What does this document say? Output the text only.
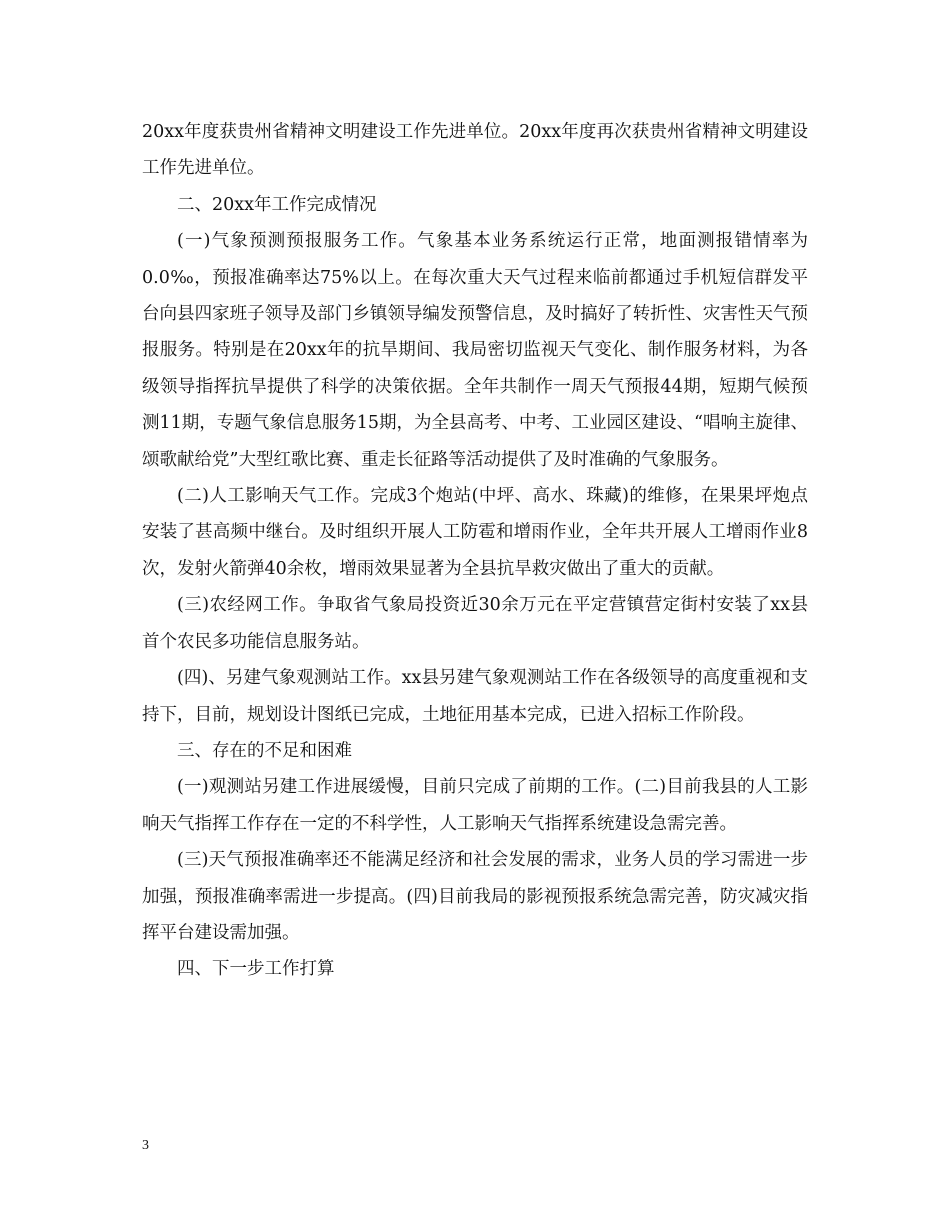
20xx年度获贵州省精神文明建设工作先进单位。20xx年度再次获贵州省精神文明建设工作先进单位。

二、20xx年工作完成情况

(一)气象预测预报服务工作。气象基本业务系统运行正常，地面测报错情率为0.0‰，预报准确率达75%以上。在每次重大天气过程来临前都通过手机短信群发平台向县四家班子领导及部门乡镇领导编发预警信息，及时搞好了转折性、灾害性天气预报服务。特别是在20xx年的抗旱期间、我局密切监视天气变化、制作服务材料，为各级领导指挥抗旱提供了科学的决策依据。全年共制作一周天气预报44期，短期气候预测11期，专题气象信息服务15期，为全县高考、中考、工业园区建设、“唱响主旋律、颂歌献给党”大型红歌比赛、重走长征路等活动提供了及时准确的气象服务。

(二)人工影响天气工作。完成3个炮站(中坪、高水、珠藏)的维修，在果果坪炮点安装了甚高频中继台。及时组织开展人工防雹和增雨作业，全年共开展人工增雨作业8次，发射火箭弹40余枚，增雨效果显著为全县抗旱救灾做出了重大的贡献。

(三)农经网工作。争取省气象局投资近30余万元在平定营镇营定街村安装了xx县首个农民多功能信息服务站。

(四)、另建气象观测站工作。xx县另建气象观测站工作在各级领导的高度重视和支持下，目前，规划设计图纸已完成，土地征用基本完成，已进入招标工作阶段。

三、存在的不足和困难

(一)观测站另建工作进展缓慢，目前只完成了前期的工作。(二)目前我县的人工影响天气指挥工作存在一定的不科学性，人工影响天气指挥系统建设急需完善。

(三)天气预报准确率还不能满足经济和社会发展的需求，业务人员的学习需进一步加强，预报准确率需进一步提高。(四)目前我局的影视预报系统急需完善，防灾减灾指挥平台建设需加强。

四、下一步工作打算

3
